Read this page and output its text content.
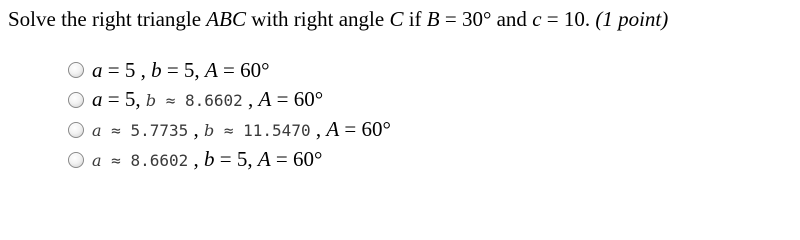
Solve the right triangle ABC with right angle C if B = 30° and c = 10. (1 point)
a = 5 , b = 5, A = 60°
a = 5, b ≈ 8.6602 , A = 60°
a ≈ 5.7735 , b ≈ 11.5470 , A = 60°
a ≈ 8.6602 , b = 5, A = 60°
